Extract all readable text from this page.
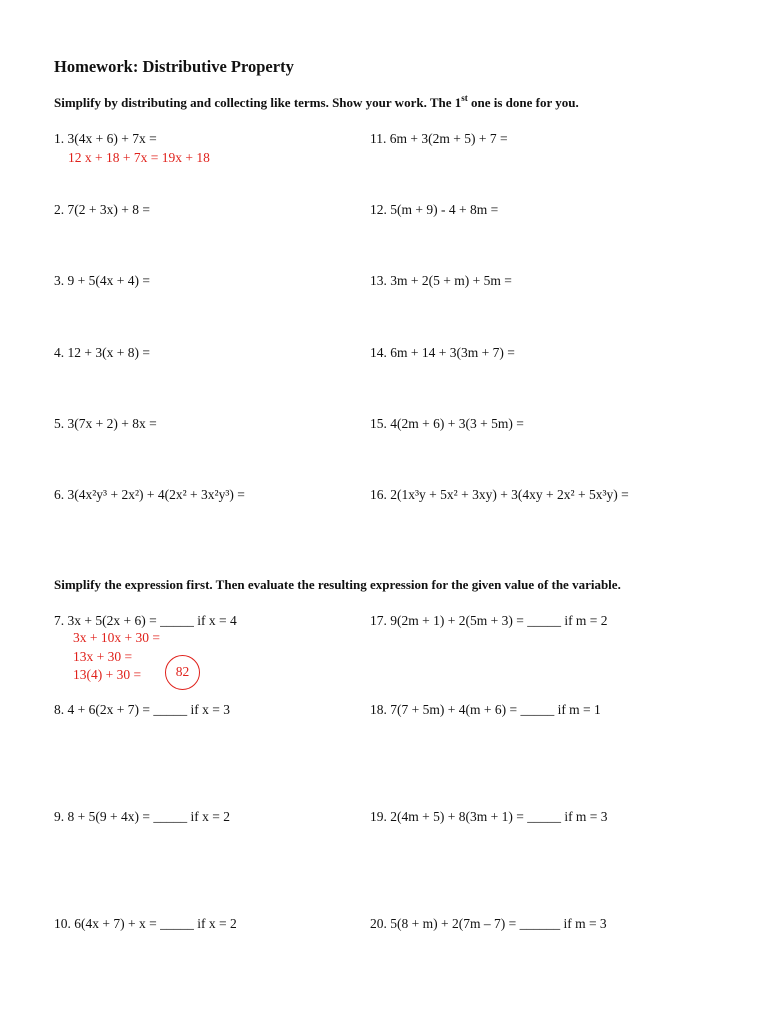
Homework: Distributive Property
Simplify by distributing and collecting like terms. Show your work. The 1st one is done for you.
1. 3(4x + 6) + 7x =
12 x + 18 + 7x = 19x + 18
2. 7(2 + 3x) + 8 =
3. 9 + 5(4x + 4) =
4. 12 + 3(x + 8) =
5. 3(7x + 2) + 8x =
6. 3(4x²y³ + 2x²) + 4(2x² + 3x²y³) =
11. 6m + 3(2m + 5) + 7 =
12. 5(m + 9) - 4 + 8m =
13. 3m + 2(5 + m) + 5m =
14. 6m + 14 + 3(3m + 7) =
15. 4(2m + 6) + 3(3 + 5m) =
16. 2(1x³y + 5x² + 3xy) + 3(4xy + 2x² + 5x³y) =
Simplify the expression first. Then evaluate the resulting expression for the given value of the variable.
7. 3x + 5(2x + 6) = _____ if x = 4
3x + 10x + 30 =
13x + 30 =
13(4) + 30 =	82
8. 4 + 6(2x + 7) = _____ if x = 3
9. 8 + 5(9 + 4x) = _____ if x = 2
10. 6(4x + 7) + x = _____ if x = 2
17. 9(2m + 1) + 2(5m + 3) = _____ if m = 2
18. 7(7 + 5m) + 4(m + 6) = _____ if m = 1
19. 2(4m + 5) + 8(3m + 1) = _____ if m = 3
20. 5(8 + m) + 2(7m – 7) = ______ if m = 3
